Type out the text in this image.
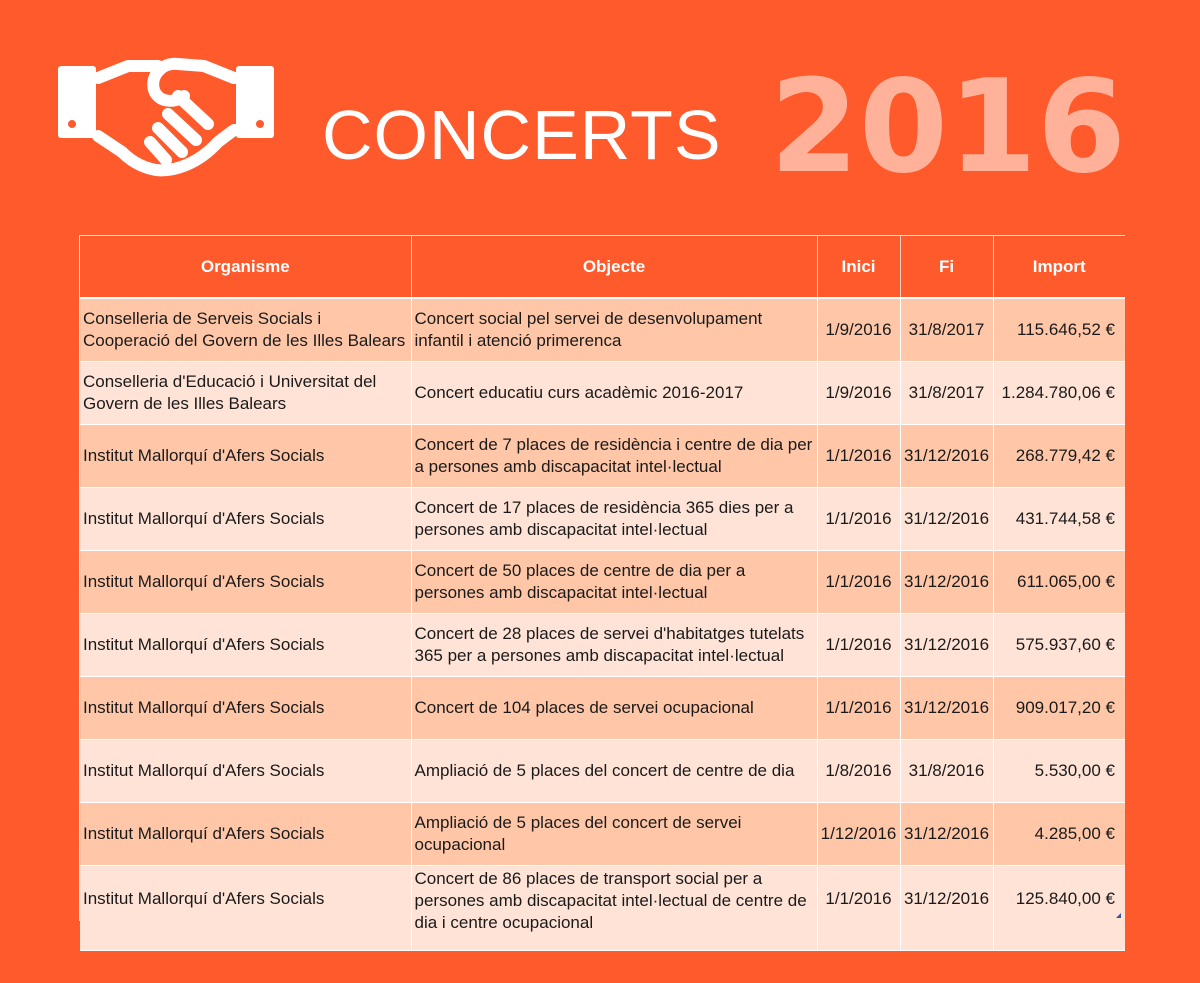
CONCERTS 2016
Organisme	Objecte	Inici	Fi	Import
Conselleria de Serveis Socials i Cooperació del Govern de les Illes Balears	Concert social pel servei de desenvolupament infantil i atenció primerenca	1/9/2016	31/8/2017	115.646,52 €
Conselleria d'Educació i Universitat del Govern de les Illes Balears	Concert educatiu curs acadèmic 2016-2017	1/9/2016	31/8/2017	1.284.780,06 €
Institut Mallorquí d'Afers Socials	Concert de 7 places de residència i centre de dia per a persones amb discapacitat intel·lectual	1/1/2016	31/12/2016	268.779,42 €
Institut Mallorquí d'Afers Socials	Concert de 17 places de residència 365 dies per a persones amb discapacitat intel·lectual	1/1/2016	31/12/2016	431.744,58 €
Institut Mallorquí d'Afers Socials	Concert de 50 places de centre de dia per a persones amb discapacitat intel·lectual	1/1/2016	31/12/2016	611.065,00 €
Institut Mallorquí d'Afers Socials	Concert de 28 places de servei d'habitatges tutelats 365 per a persones amb discapacitat intel·lectual	1/1/2016	31/12/2016	575.937,60 €
Institut Mallorquí d'Afers Socials	Concert de 104 places de servei ocupacional	1/1/2016	31/12/2016	909.017,20 €
Institut Mallorquí d'Afers Socials	Ampliació de 5 places del concert de centre de dia	1/8/2016	31/8/2016	5.530,00 €
Institut Mallorquí d'Afers Socials	Ampliació de 5 places del concert de servei ocupacional	1/12/2016	31/12/2016	4.285,00 €
Institut Mallorquí d'Afers Socials	Concert de 86 places de transport social per a persones amb discapacitat intel·lectual de centre de dia i centre ocupacional	1/1/2016	31/12/2016	125.840,00 €
